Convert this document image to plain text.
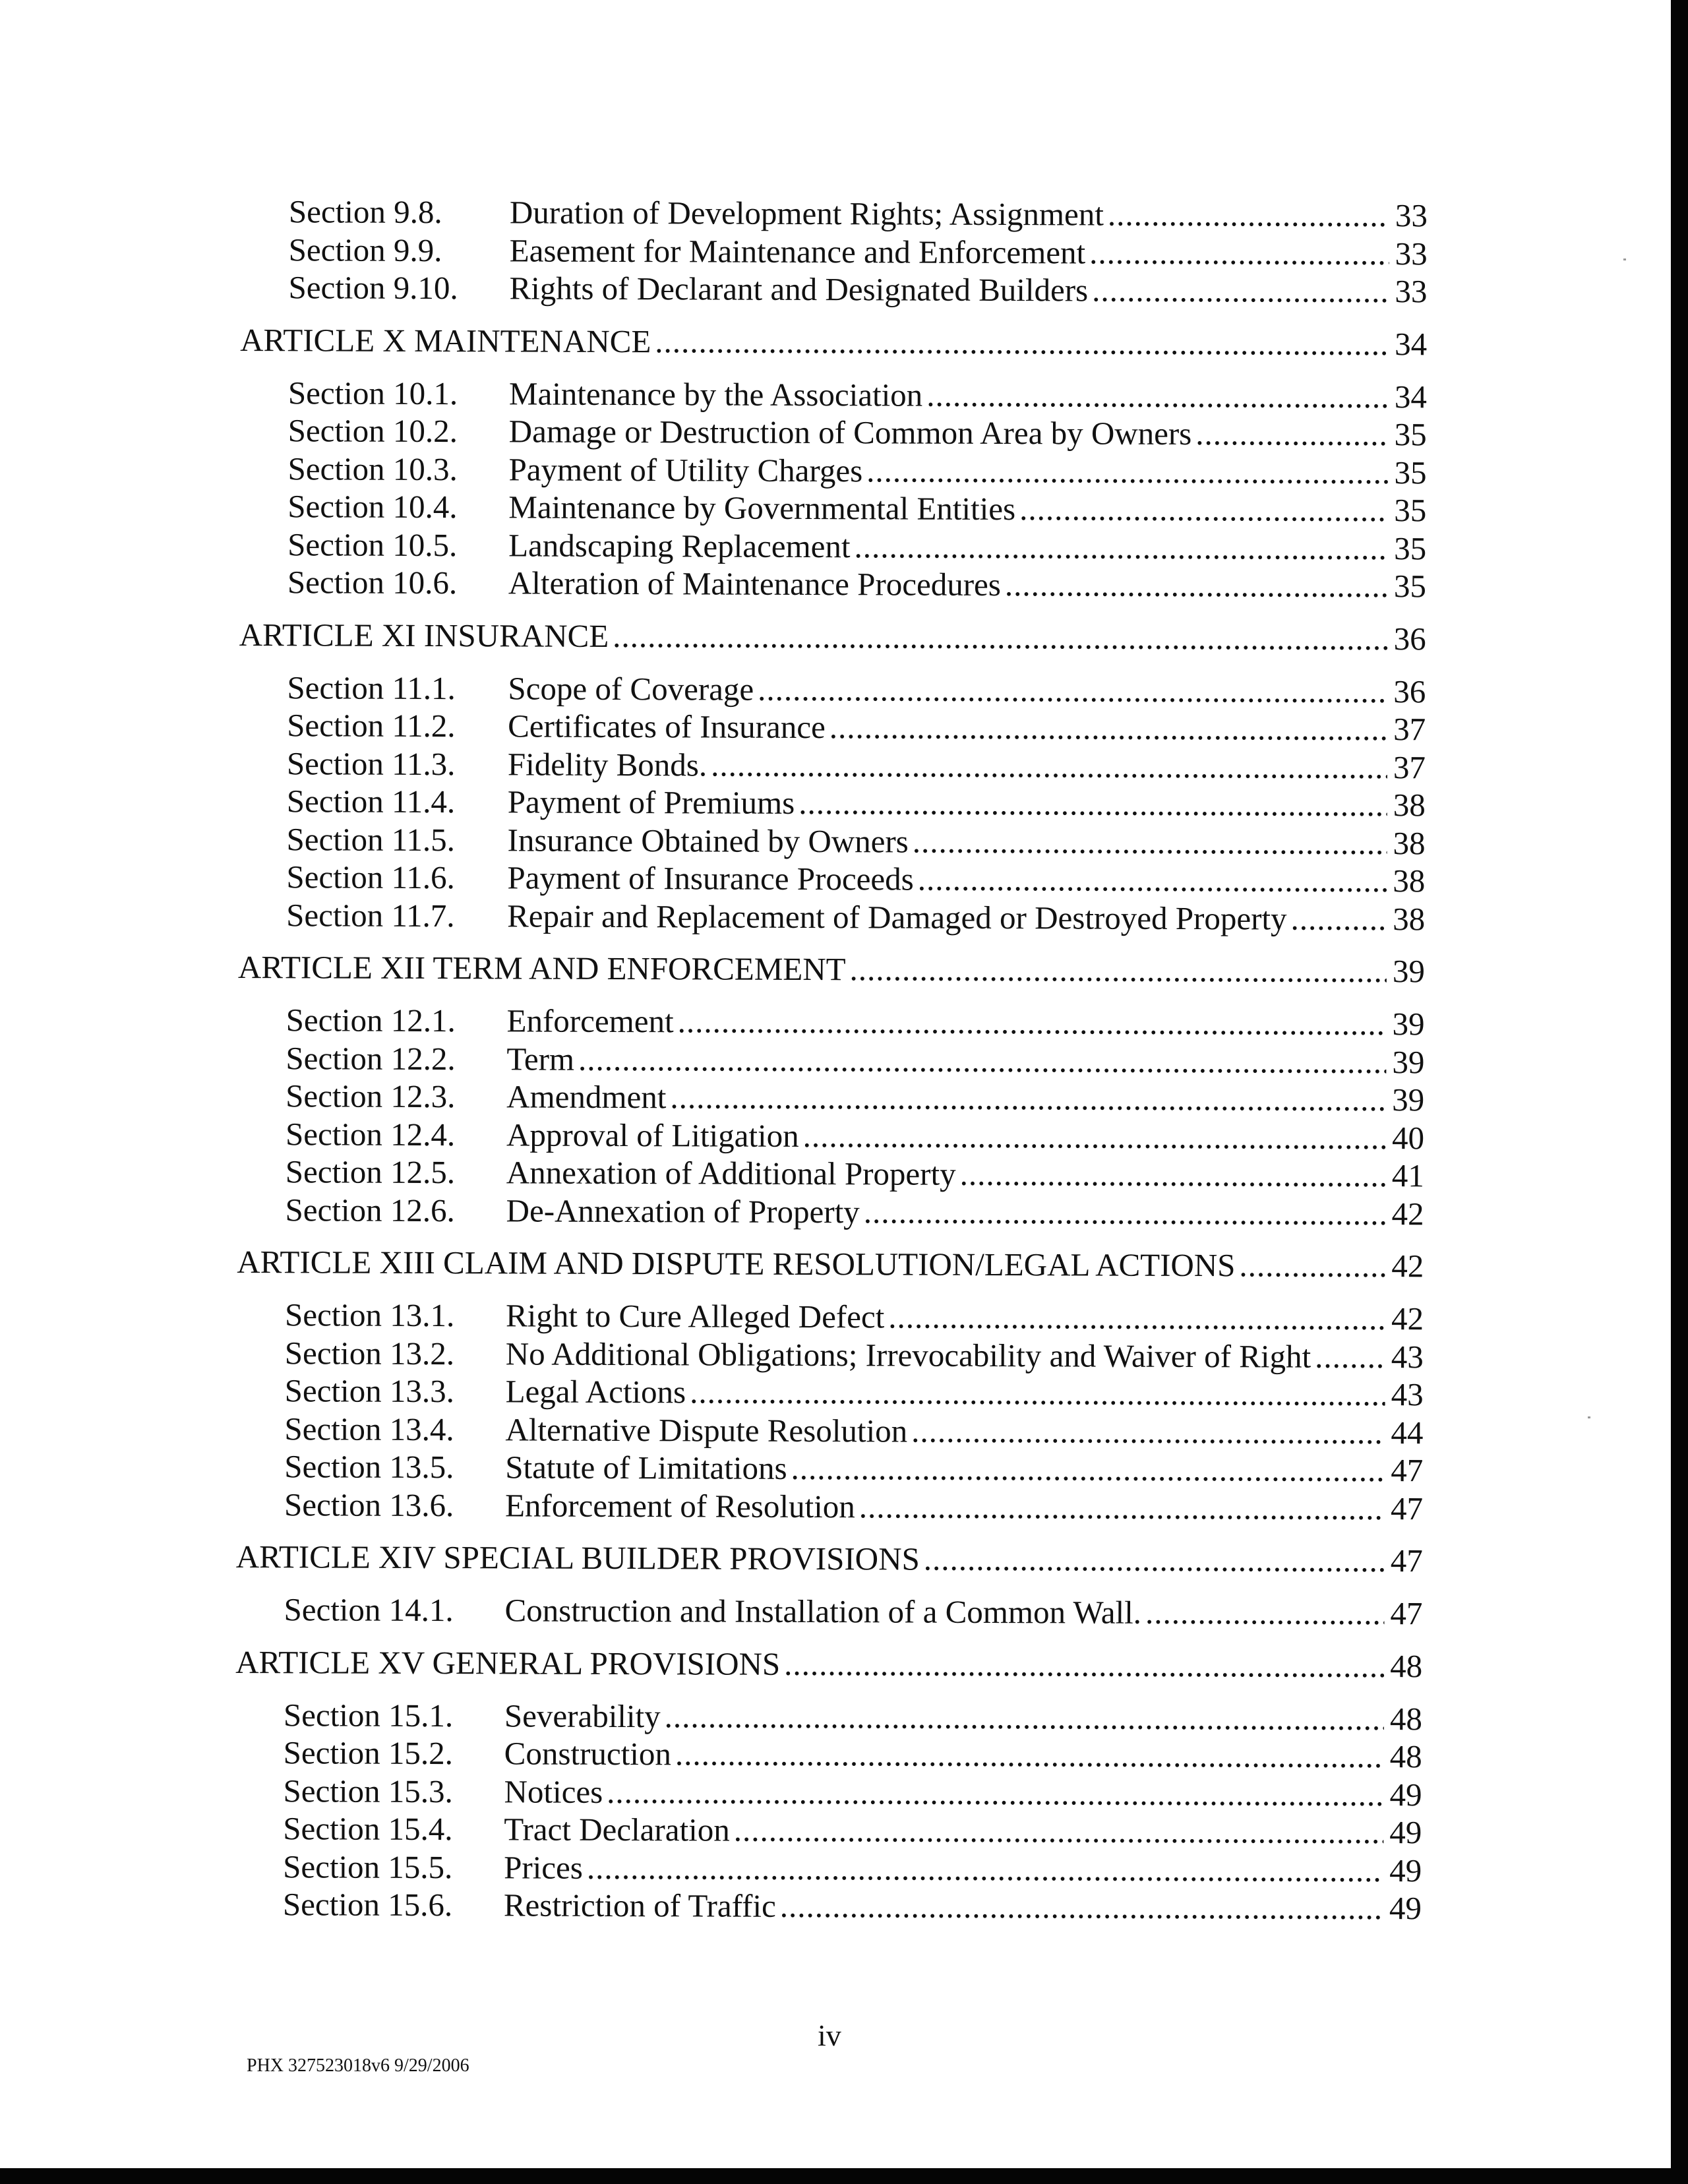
Section 9.8.	Duration of Development Rights; Assignment .....	33
Section 9.9.	Easement for Maintenance and Enforcement .....	33
Section 9.10.	Rights of Declarant and Designated Builders .....	33
ARTICLE X MAINTENANCE .....	34
Section 10.1.	Maintenance by the Association .....	34
Section 10.2.	Damage or Destruction of Common Area by Owners .....	35
Section 10.3.	Payment of Utility Charges .....	35
Section 10.4.	Maintenance by Governmental Entities .....	35
Section 10.5.	Landscaping Replacement .....	35
Section 10.6.	Alteration of Maintenance Procedures .....	35
ARTICLE XI INSURANCE .....	36
Section 11.1.	Scope of Coverage .....	36
Section 11.2.	Certificates of Insurance .....	37
Section 11.3.	Fidelity Bonds. .....	37
Section 11.4.	Payment of Premiums .....	38
Section 11.5.	Insurance Obtained by Owners .....	38
Section 11.6.	Payment of Insurance Proceeds .....	38
Section 11.7.	Repair and Replacement of Damaged or Destroyed Property .....	38
ARTICLE XII TERM AND ENFORCEMENT .....	39
Section 12.1.	Enforcement .....	39
Section 12.2.	Term .....	39
Section 12.3.	Amendment .....	39
Section 12.4.	Approval of Litigation .....	40
Section 12.5.	Annexation of Additional Property .....	41
Section 12.6.	De-Annexation of Property .....	42
ARTICLE XIII CLAIM AND DISPUTE RESOLUTION/LEGAL ACTIONS .....	42
Section 13.1.	Right to Cure Alleged Defect .....	42
Section 13.2.	No Additional Obligations; Irrevocability and Waiver of Right ..... 43
Section 13.3.	Legal Actions .....	43
Section 13.4.	Alternative Dispute Resolution .....	44
Section 13.5.	Statute of Limitations .....	47
Section 13.6.	Enforcement of Resolution .....	47
ARTICLE XIV SPECIAL BUILDER PROVISIONS .....	47
Section 14.1.	Construction and Installation of a Common Wall. .....	47
ARTICLE XV GENERAL PROVISIONS .....	48
Section 15.1.	Severability .....	48
Section 15.2.	Construction .....	48
Section 15.3.	Notices .....	49
Section 15.4.	Tract Declaration .....	49
Section 15.5.	Prices .....	49
Section 15.6.	Restriction of Traffic .....	49
iv
PHX 327523018v6 9/29/2006
